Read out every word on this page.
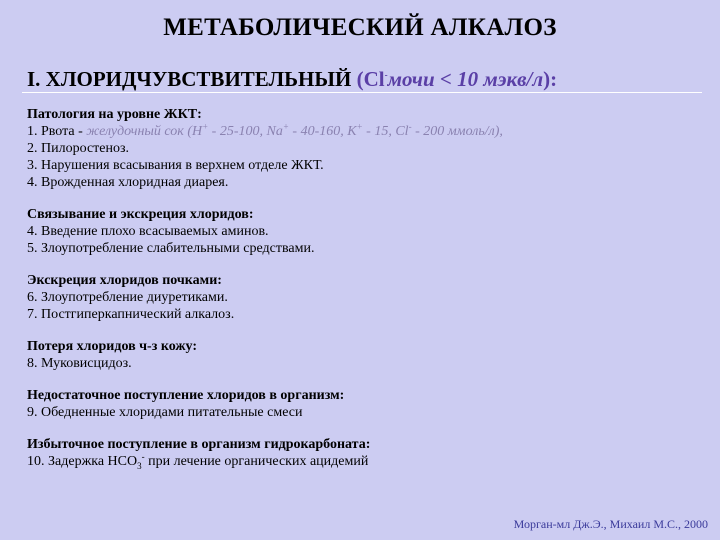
МЕТАБОЛИЧЕСКИЙ АЛКАЛОЗ
I. ХЛОРИДЧУВСТВИТЕЛЬНЫЙ (Cl-мочи < 10 мэкв/л):
Патология на уровне ЖКТ:
1. Рвота - желудочный сок (Н+ - 25-100, Na+ - 40-160, K+ - 15, Cl- - 200 ммоль/л),
2. Пилоростеноз.
3. Нарушения всасывания в верхнем отделе ЖКТ.
4. Врожденная хлоридная диарея.
Связывание и экскреция хлоридов:
4. Введение плохо всасываемых аминов.
5. Злоупотребление слабительными средствами.
Экскреция хлоридов почками:
6. Злоупотребление диуретиками.
7. Постгиперкапнический алкалоз.
Потеря хлоридов ч-з кожу:
8. Муковисцидоз.
Недостаточное поступление хлоридов в организм:
9. Обедненные хлоридами питательные смеси
Избыточное поступление в организм гидрокарбоната:
10. Задержка $НСО_3^-$ при лечение органических ацидемий
Морган-мл Дж.Э., Михаил М.С., 2000
